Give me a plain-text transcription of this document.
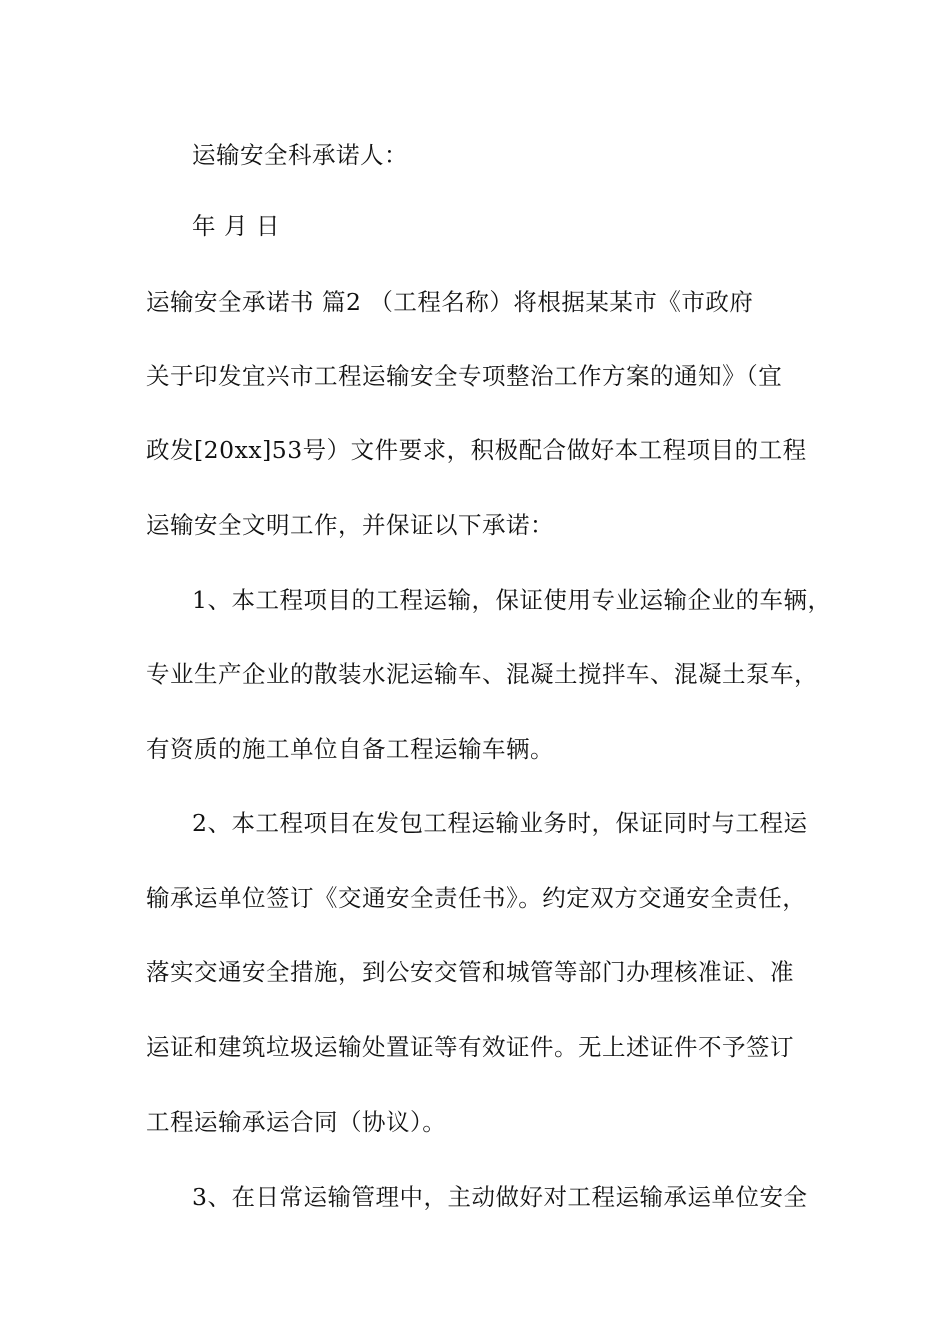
运输安全科承诺人：
年 月 日
运输安全承诺书 篇2 （工程名称）将根据某某市《市政府
关于印发宜兴市工程运输安全专项整治工作方案的通知》（宜
政发[20xx]53号）文件要求，积极配合做好本工程项目的工程
运输安全文明工作，并保证以下承诺：
1、本工程项目的工程运输，保证使用专业运输企业的车辆，
专业生产企业的散装水泥运输车、混凝土搅拌车、混凝土泵车，
有资质的施工单位自备工程运输车辆。
2、本工程项目在发包工程运输业务时，保证同时与工程运
输承运单位签订《交通安全责任书》。约定双方交通安全责任，
落实交通安全措施，到公安交管和城管等部门办理核准证、准
运证和建筑垃圾运输处置证等有效证件。无上述证件不予签订
工程运输承运合同（协议）。
3、在日常运输管理中，主动做好对工程运输承运单位安全
